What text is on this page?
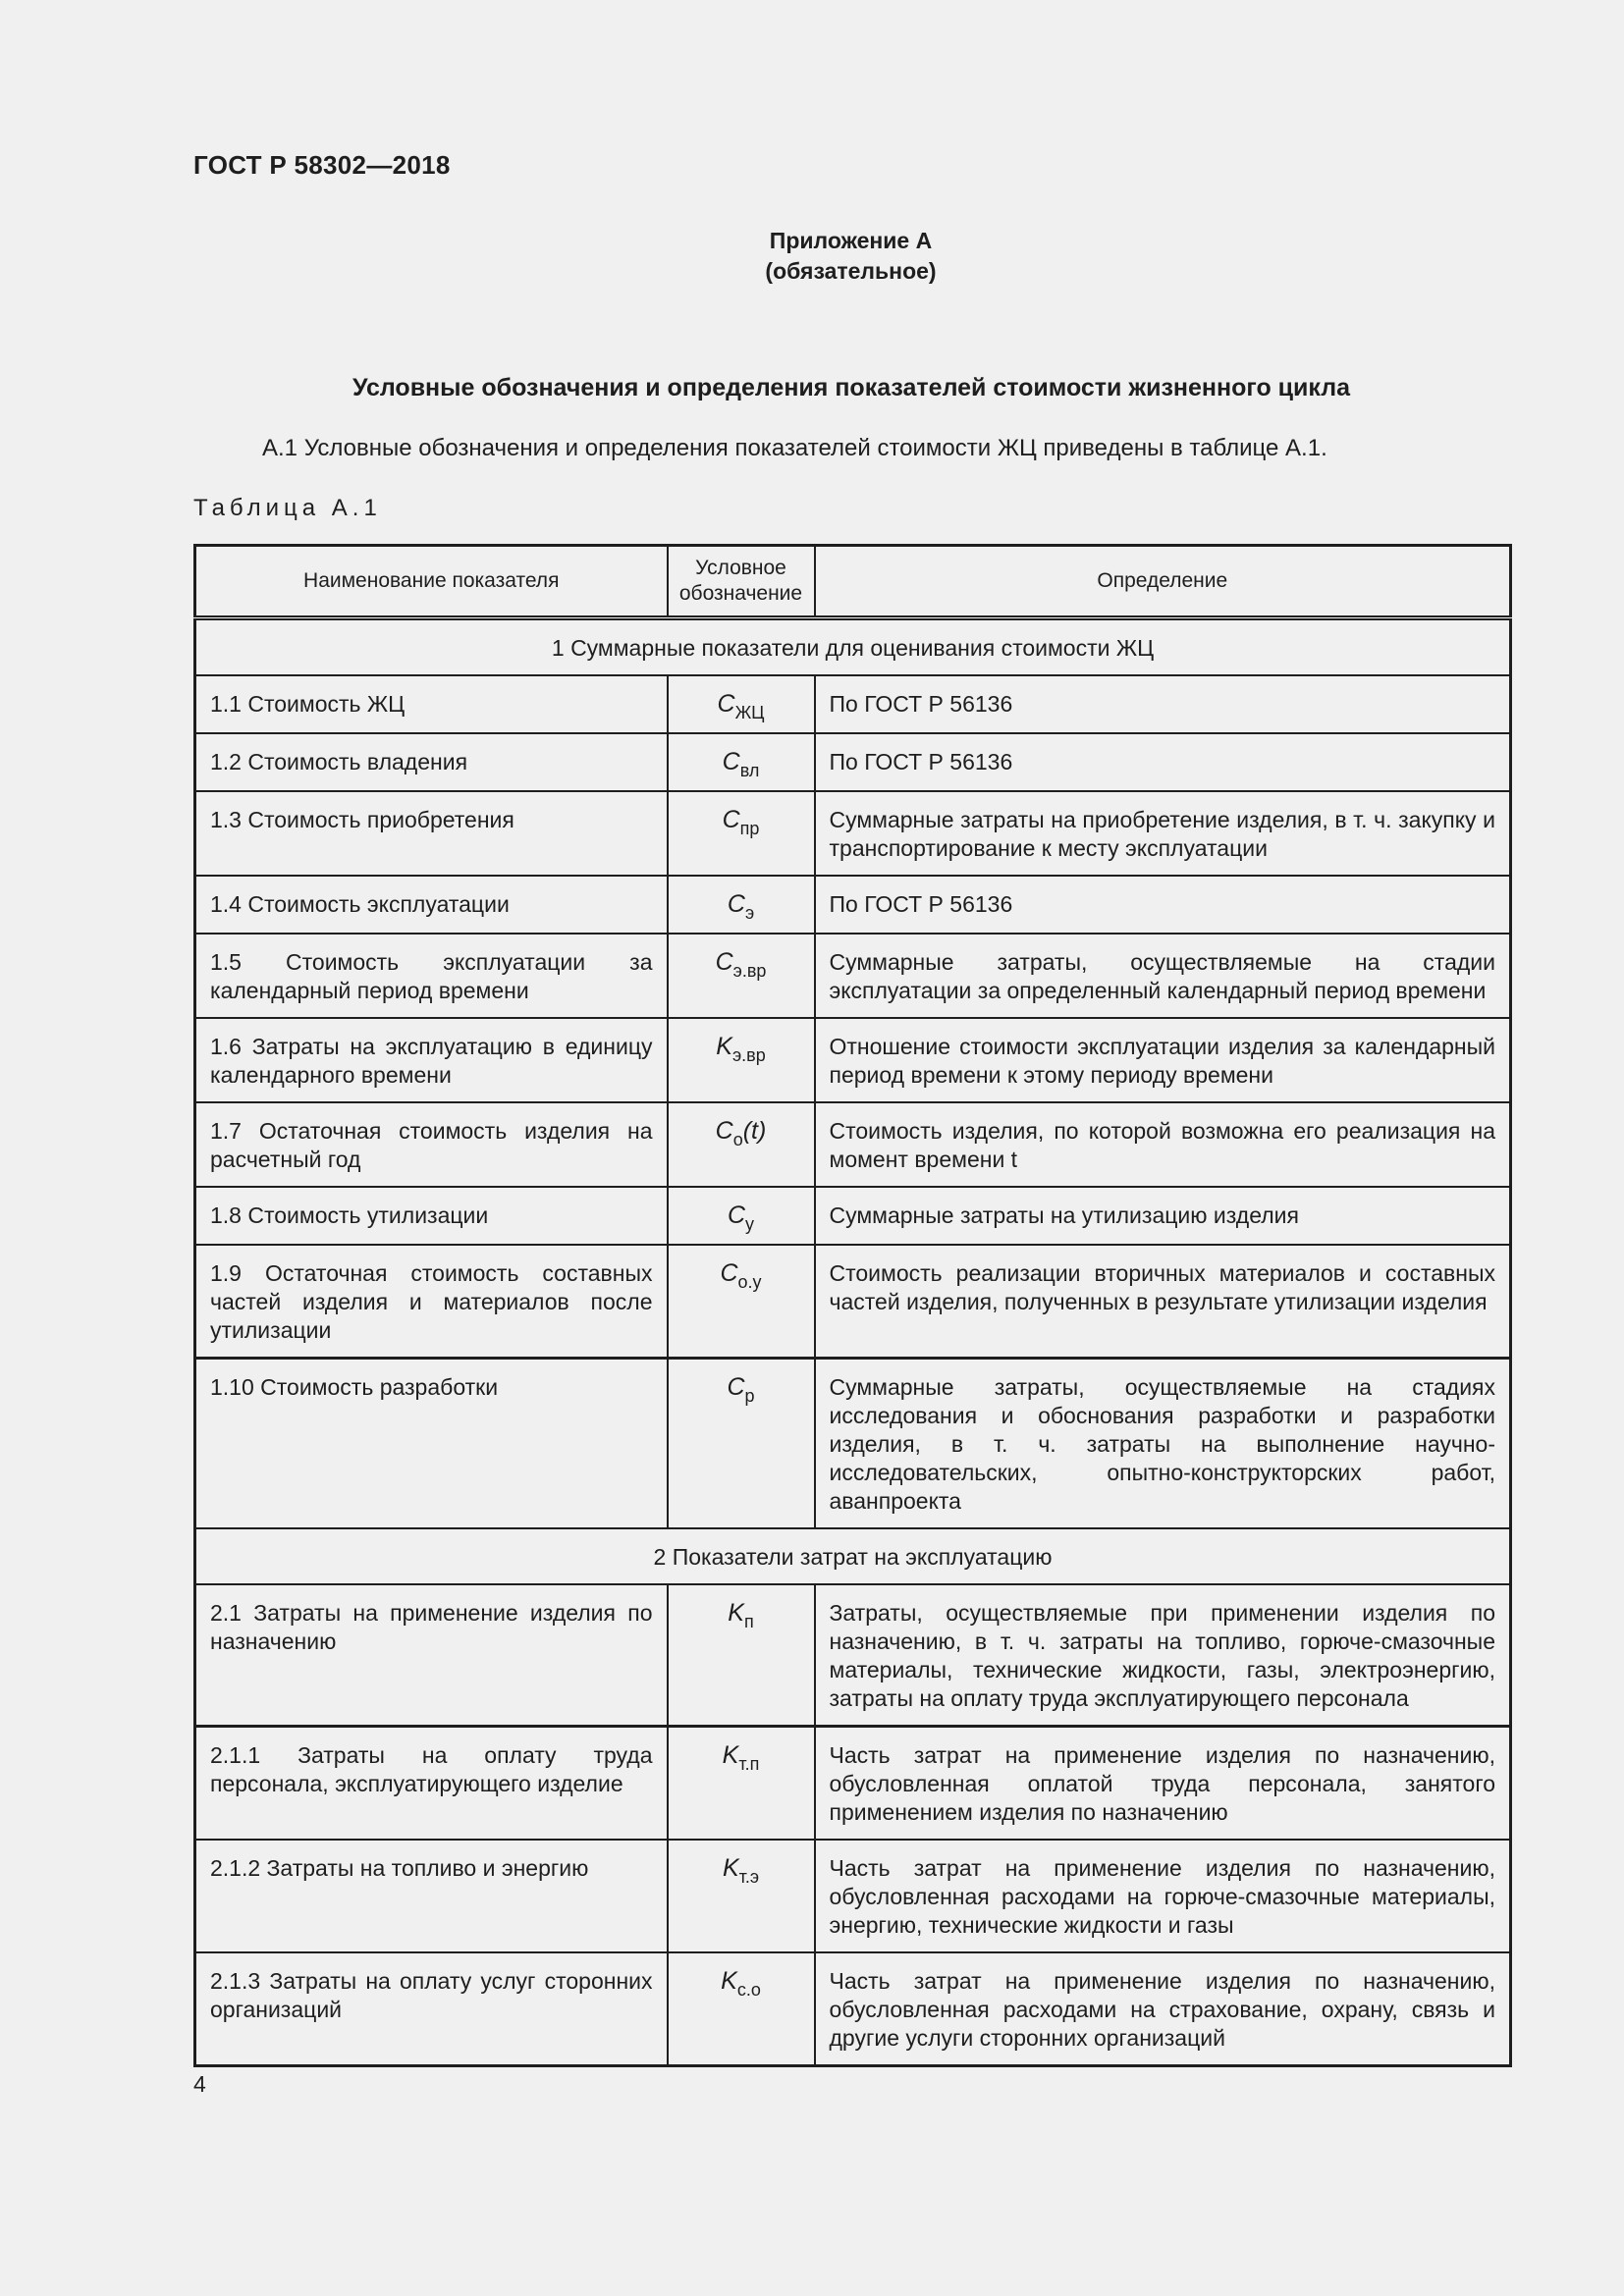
ГОСТ Р 58302—2018
Приложение А
(обязательное)
Условные обозначения и определения показателей стоимости жизненного цикла
А.1 Условные обозначения и определения показателей стоимости ЖЦ приведены в таблице А.1.
Таблица А.1
Наименование показателя	Условное обозначение	Определение
1 Суммарные показатели для оценивания стоимости ЖЦ		
1.1 Стоимость ЖЦ	$C_{ЖЦ}$	По ГОСТ Р 56136
1.2 Стоимость владения	$C_{вл}$	По ГОСТ Р 56136
1.3 Стоимость приобретения	$C_{пр}$	Суммарные затраты на приобретение изделия, в т. ч. закупку и транспортирование к месту эксплуатации
1.4 Стоимость эксплуатации	$C_э$	По ГОСТ Р 56136
1.5 Стоимость эксплуатации за календарный период времени	$C_{э.вр}$	Суммарные затраты, осуществляемые на стадии эксплуатации за определенный календарный период времени
1.6 Затраты на эксплуатацию в единицу календарного времени	$K_{э.вр}$	Отношение стоимости эксплуатации изделия за календарный период времени к этому периоду времени
1.7 Остаточная стоимость изделия на расчетный год	$C_о(t)$	Стоимость изделия, по которой возможна его реализация на момент времени t
1.8 Стоимость утилизации	$C_у$	Суммарные затраты на утилизацию изделия
1.9 Остаточная стоимость составных частей изделия и материалов после утилизации	$C_{о.у}$	Стоимость реализации вторичных материалов и составных частей изделия, полученных в результате утилизации изделия
1.10 Стоимость разработки	$C_р$	Суммарные затраты, осуществляемые на стадиях исследования и обоснования разработки и разработки изделия, в т. ч. затраты на выполнение научно-исследовательских, опытно-конструкторских работ, аванпроекта
2 Показатели затрат на эксплуатацию		
2.1 Затраты на применение изделия по назначению	$K_п$	Затраты, осуществляемые при применении изделия по назначению, в т. ч. затраты на топливо, горюче-смазочные материалы, технические жидкости, газы, электроэнергию, затраты на оплату труда эксплуатирующего персонала
2.1.1 Затраты на оплату труда персонала, эксплуатирующего изделие	$K_{т.п}$	Часть затрат на применение изделия по назначению, обусловленная оплатой труда персонала, занятого применением изделия по назначению
2.1.2 Затраты на топливо и энергию	$K_{т.э}$	Часть затрат на применение изделия по назначению, обусловленная расходами на горюче-смазочные материалы, энергию, технические жидкости и газы
2.1.3 Затраты на оплату услуг сторонних организаций	$K_{с.о}$	Часть затрат на применение изделия по назначению, обусловленная расходами на страхование, охрану, связь и другие услуги сторонних организаций
4
